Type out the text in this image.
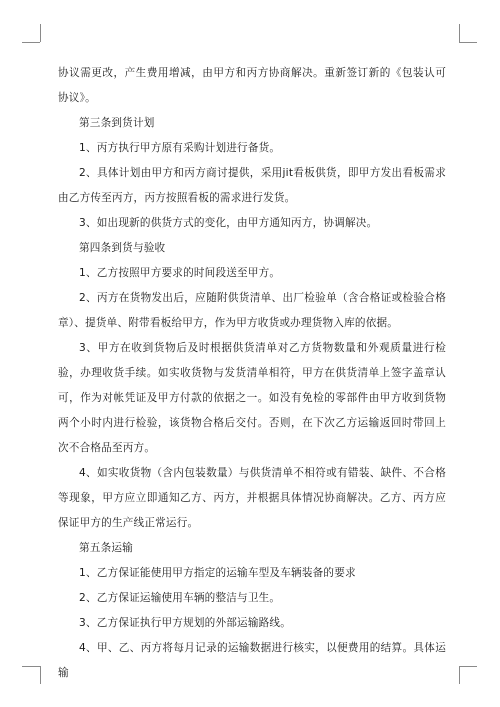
协议需更改，产生费用增减，由甲方和丙方协商解决。重新签订新的《包装认可协议》。

第三条到货计划

1、丙方执行甲方原有采购计划进行备货。

2、具体计划由甲方和丙方商讨提供，采用jit看板供货，即甲方发出看板需求由乙方传至丙方，丙方按照看板的需求进行发货。

3、如出现新的供货方式的变化，由甲方通知丙方，协调解决。

第四条到货与验收

1、乙方按照甲方要求的时间段送至甲方。

2、丙方在货物发出后，应随附供货清单、出厂检验单（含合格证或检验合格章）、提货单、附带看板给甲方，作为甲方收货或办理货物入库的依据。

3、甲方在收到货物后及时根据供货清单对乙方货物数量和外观质量进行检验，办理收货手续。如实收货物与发货清单相符，甲方在供货清单上签字盖章认可，作为对帐凭证及甲方付款的依据之一。如没有免检的零部件由甲方收到货物两个小时内进行检验，该货物合格后交付。否则，在下次乙方运输返回时带回上次不合格品至丙方。

4、如实收货物（含内包装数量）与供货清单不相符或有错装、缺件、不合格等现象，甲方应立即通知乙方、丙方，并根据具体情况协商解决。乙方、丙方应保证甲方的生产线正常运行。

第五条运输

1、乙方保证能使用甲方指定的运输车型及车辆装备的要求

2、乙方保证运输使用车辆的整洁与卫生。

3、乙方保证执行甲方规划的外部运输路线。

4、甲、乙、丙方将每月记录的运输数据进行核实，以便费用的结算。具体运输
